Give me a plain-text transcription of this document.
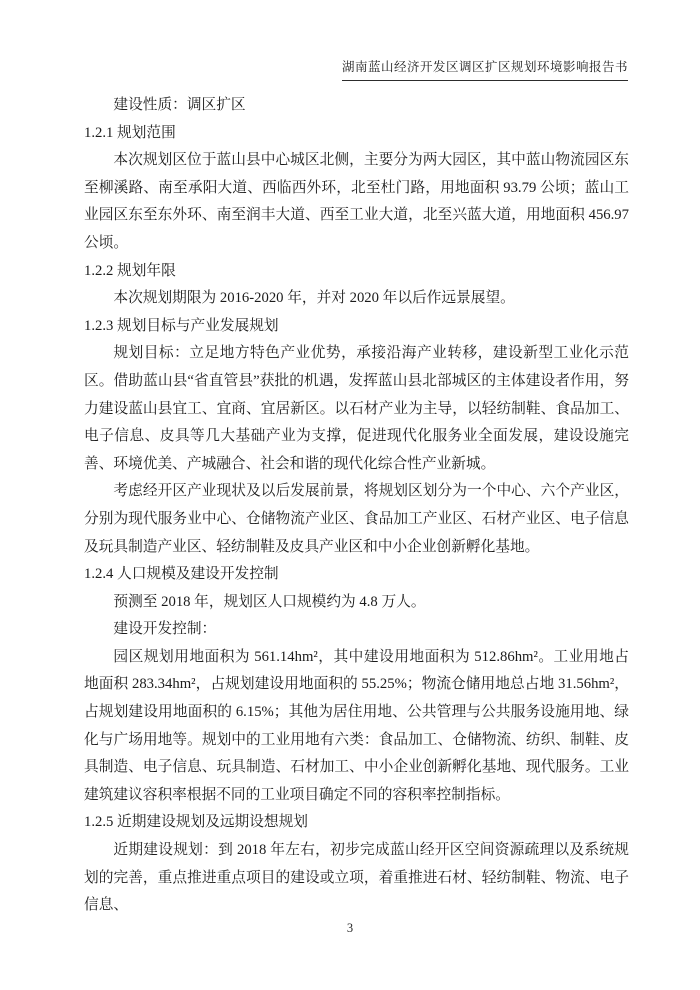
湖南蓝山经济开发区调区扩区规划环境影响报告书

建设性质：调区扩区

1.2.1 规划范围

本次规划区位于蓝山县中心城区北侧，主要分为两大园区，其中蓝山物流园区东至柳溪路、南至承阳大道、西临西外环，北至杜门路，用地面积 93.79 公顷；蓝山工业园区东至东外环、南至润丰大道、西至工业大道，北至兴蓝大道，用地面积 456.97 公顷。

1.2.2 规划年限

本次规划期限为 2016-2020 年，并对 2020 年以后作远景展望。

1.2.3 规划目标与产业发展规划

规划目标：立足地方特色产业优势，承接沿海产业转移，建设新型工业化示范区。借助蓝山县“省直管县”获批的机遇，发挥蓝山县北部城区的主体建设者作用，努力建设蓝山县宜工、宜商、宜居新区。以石材产业为主导，以轻纺制鞋、食品加工、电子信息、皮具等几大基础产业为支撑，促进现代化服务业全面发展，建设设施完善、环境优美、产城融合、社会和谐的现代化综合性产业新城。

考虑经开区产业现状及以后发展前景，将规划区划分为一个中心、六个产业区，分别为现代服务业中心、仓储物流产业区、食品加工产业区、石材产业区、电子信息及玩具制造产业区、轻纺制鞋及皮具产业区和中小企业创新孵化基地。

1.2.4 人口规模及建设开发控制

预测至 2018 年，规划区人口规模约为 4.8 万人。

建设开发控制：

园区规划用地面积为 561.14hm²，其中建设用地面积为 512.86hm²。工业用地占地面积 283.34hm²，占规划建设用地面积的 55.25%；物流仓储用地总占地 31.56hm²，占规划建设用地面积的 6.15%；其他为居住用地、公共管理与公共服务设施用地、绿化与广场用地等。规划中的工业用地有六类：食品加工、仓储物流、纺织、制鞋、皮具制造、电子信息、玩具制造、石材加工、中小企业创新孵化基地、现代服务。工业建筑建议容积率根据不同的工业项目确定不同的容积率控制指标。

1.2.5 近期建设规划及远期设想规划

近期建设规划：到 2018 年左右，初步完成蓝山经开区空间资源疏理以及系统规划的完善，重点推进重点项目的建设或立项，着重推进石材、轻纺制鞋、物流、电子信息、

3
